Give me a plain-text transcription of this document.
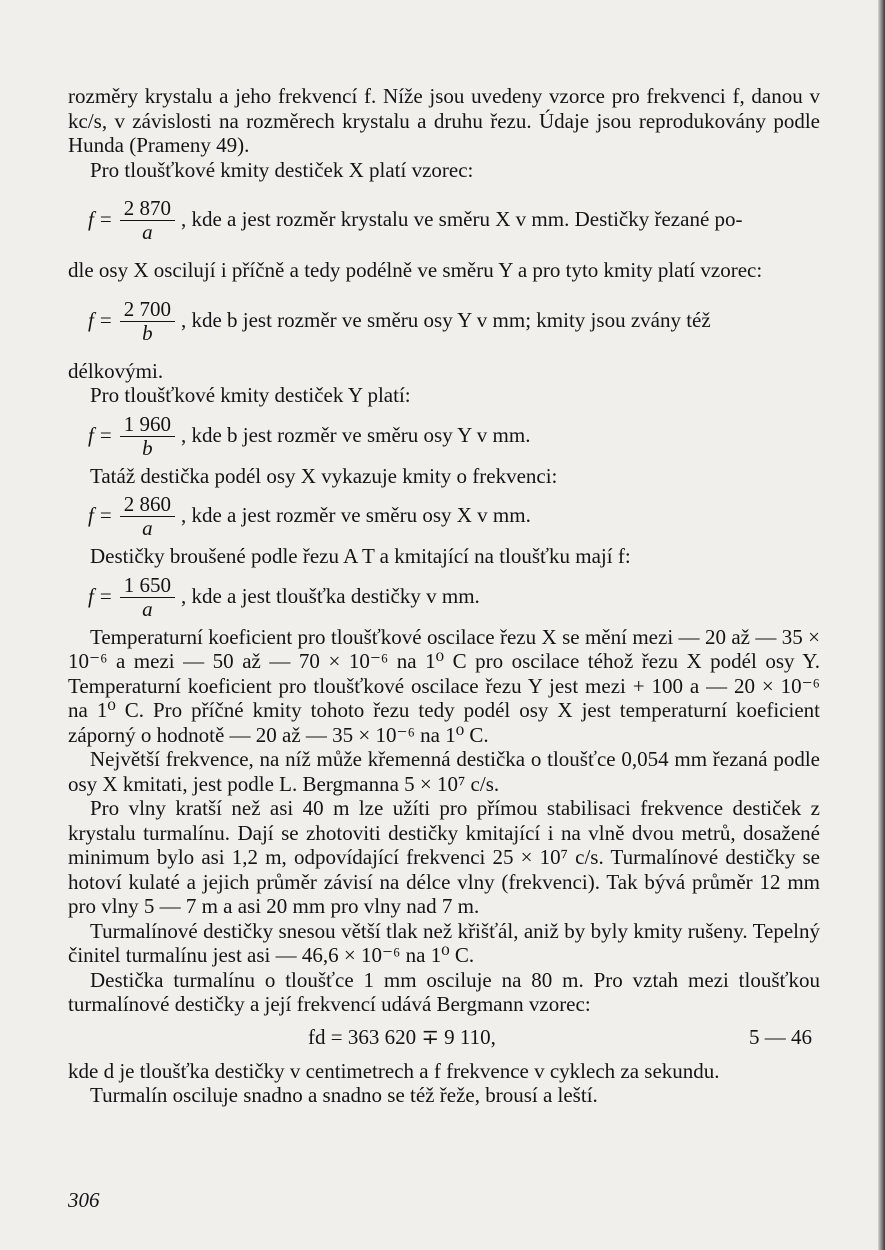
rozměry krystalu a jeho frekvencí f. Níže jsou uvedeny vzorce pro frekvenci f, danou v kc/s, v závislosti na rozměrech krystalu a druhu řezu. Údaje jsou reprodukovány podle Hunda (Prameny 49).

Pro tloušťkové kmity destiček X platí vzorec:

$f = \frac{2 870}{a}$ , kde a jest rozměr krystalu ve směru X v mm. Destičky řezané po-

dle osy X oscilují i příčně a tedy podélně ve směru Y a pro tyto kmity platí vzorec:

$f = \frac{2 700}{b}$ , kde b jest rozměr ve směru osy Y v mm; kmity jsou zvány též

délkovými.

Pro tloušťkové kmity destiček Y platí:

$f = \frac{1 960}{b}$ , kde b jest rozměr ve směru osy Y v mm.

Tatáž destička podél osy X vykazuje kmity o frekvenci:

$f = \frac{2 860}{a}$ , kde a jest rozměr ve směru osy X v mm.

Destičky broušené podle řezu A T a kmitající na tloušťku mají f:

$f = \frac{1 650}{a}$ , kde a jest tloušťka destičky v mm.

Temperaturní koeficient pro tloušťkové oscilace řezu X se mění mezi — 20 až — 35 × 10⁻⁶ a mezi — 50 až — 70 × 10⁻⁶ na 1⁰ C pro oscilace téhož řezu X podél osy Y. Temperaturní koeficient pro tloušťkové oscilace řezu Y jest mezi + 100 a — 20 × 10⁻⁶ na 1⁰ C. Pro příčné kmity tohoto řezu tedy podél osy X jest temperaturní koeficient záporný o hodnotě — 20 až — 35 × 10⁻⁶ na 1⁰ C.

Největší frekvence, na níž může křemenná destička o tloušťce 0,054 mm řezaná podle osy X kmitati, jest podle L. Bergmanna 5 × 10⁷ c/s.

Pro vlny kratší než asi 40 m lze užíti pro přímou stabilisaci frekvence destiček z krystalu turmalínu. Dají se zhotoviti destičky kmitající i na vlně dvou metrů, dosažené minimum bylo asi 1,2 m, odpovídající frekvenci 25 × 10⁷ c/s. Turmalínové destičky se hotoví kulaté a jejich průměr závisí na délce vlny (frekvenci). Tak bývá průměr 12 mm pro vlny 5 — 7 m a asi 20 mm pro vlny nad 7 m.

Turmalínové destičky snesou větší tlak než křišťál, aniž by byly kmity rušeny. Tepelný činitel turmalínu jest asi — 46,6 × 10⁻⁶ na 1⁰ C.

Destička turmalínu o tloušťce 1 mm osciluje na 80 m. Pro vztah mezi tloušťkou turmalínové destičky a její frekvencí udává Bergmann vzorec:

fd = 363 620 ∓ 9 110,	5 — 46

kde d je tloušťka destičky v centimetrech a f frekvence v cyklech za sekundu.

Turmalín osciluje snadno a snadno se též řeže, brousí a leští.

306
